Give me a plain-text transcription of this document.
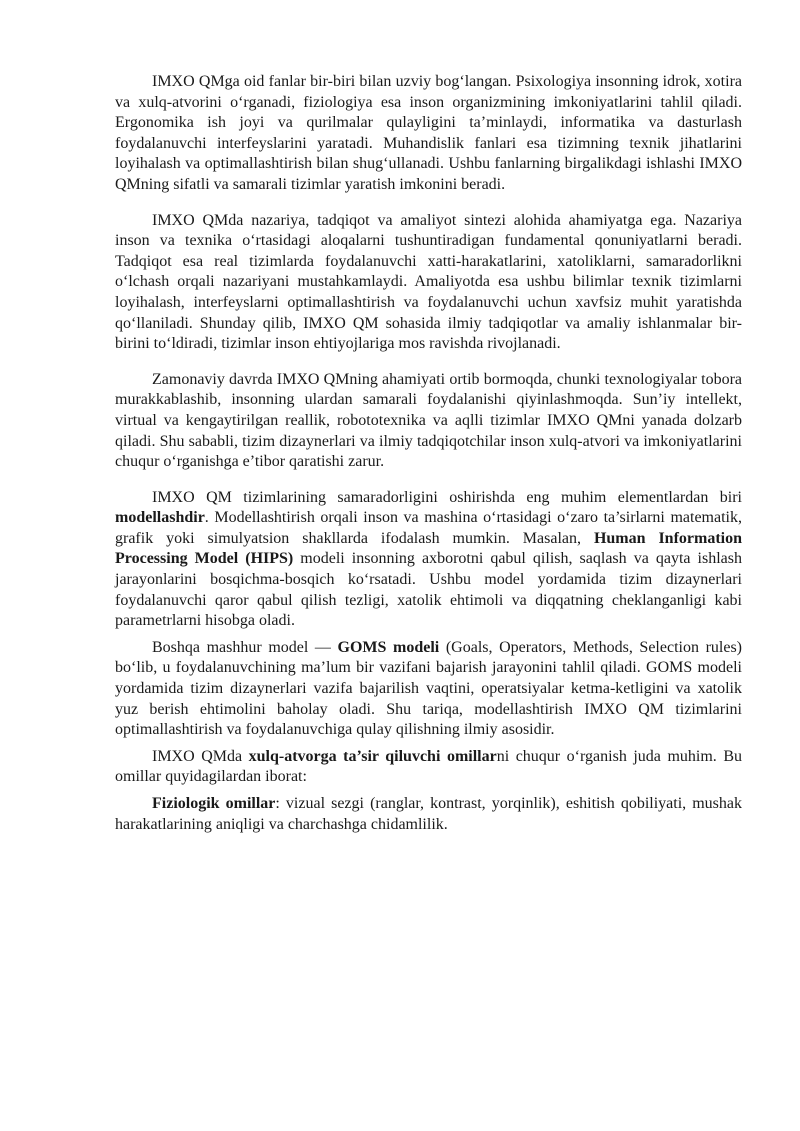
IMXO QMga oid fanlar bir-biri bilan uzviy bog‘langan. Psixologiya insonning idrok, xotira va xulq-atvorini o‘rganadi, fiziologiya esa inson organizmining imkoniyatlarini tahlil qiladi. Ergonomika ish joyi va qurilmalar qulayligini ta’minlaydi, informatika va dasturlash foydalanuvchi interfeyslarini yaratadi. Muhandislik fanlari esa tizimning texnik jihatlarini loyihalash va optimallashtirish bilan shug‘ullanadi. Ushbu fanlarning birgalikdagi ishlashi IMXO QMning sifatli va samarali tizimlar yaratish imkonini beradi.

IMXO QMda nazariya, tadqiqot va amaliyot sintezi alohida ahamiyatga ega. Nazariya inson va texnika o‘rtasidagi aloqalarni tushuntiradigan fundamental qonuniyatlarni beradi. Tadqiqot esa real tizimlarda foydalanuvchi xatti-harakatlarini, xatoliklarni, samaradorlikni o‘lchash orqali nazariyani mustahkamlaydi. Amaliyotda esa ushbu bilimlar texnik tizimlarni loyihalash, interfeyslarni optimallashtirish va foydalanuvchi uchun xavfsiz muhit yaratishda qo‘llaniladi. Shunday qilib, IMXO QM sohasida ilmiy tadqiqotlar va amaliy ishlanmalar bir-birini to‘ldiradi, tizimlar inson ehtiyojlariga mos ravishda rivojlanadi.

Zamonaviy davrda IMXO QMning ahamiyati ortib bormoqda, chunki texnologiyalar tobora murakkablashib, insonning ulardan samarali foydalanishi qiyinlashmoqda. Sun’iy intellekt, virtual va kengaytirilgan reallik, robototexnika va aqlli tizimlar IMXO QMni yanada dolzarb qiladi. Shu sababli, tizim dizaynerlari va ilmiy tadqiqotchilar inson xulq-atvori va imkoniyatlarini chuqur o‘rganishga e’tibor qaratishi zarur.

IMXO QM tizimlarining samaradorligini oshirishda eng muhim elementlardan biri modellashdir. Modellashtirish orqali inson va mashina o‘rtasidagi o‘zaro ta’sirlarni matematik, grafik yoki simulyatsion shakllarda ifodalash mumkin. Masalan, Human Information Processing Model (HIPS) modeli insonning axborotni qabul qilish, saqlash va qayta ishlash jarayonlarini bosqichma-bosqich ko‘rsatadi. Ushbu model yordamida tizim dizaynerlari foydalanuvchi qaror qabul qilish tezligi, xatolik ehtimoli va diqqatning cheklanganligi kabi parametrlarni hisobga oladi.

Boshqa mashhur model — GOMS modeli (Goals, Operators, Methods, Selection rules) bo‘lib, u foydalanuvchining ma’lum bir vazifani bajarish jarayonini tahlil qiladi. GOMS modeli yordamida tizim dizaynerlari vazifa bajarilish vaqtini, operatsiyalar ketma-ketligini va xatolik yuz berish ehtimolini baholay oladi. Shu tariqa, modellashtirish IMXO QM tizimlarini optimallashtirish va foydalanuvchiga qulay qilishning ilmiy asosidir.

IMXO QMda xulq-atvorga ta’sir qiluvchi omillarni chuqur o‘rganish juda muhim. Bu omillar quyidagilardan iborat:

Fiziologik omillar: vizual sezgi (ranglar, kontrast, yorqinlik), eshitish qobiliyati, mushak harakatlarining aniqligi va charchashga chidamlilik.
